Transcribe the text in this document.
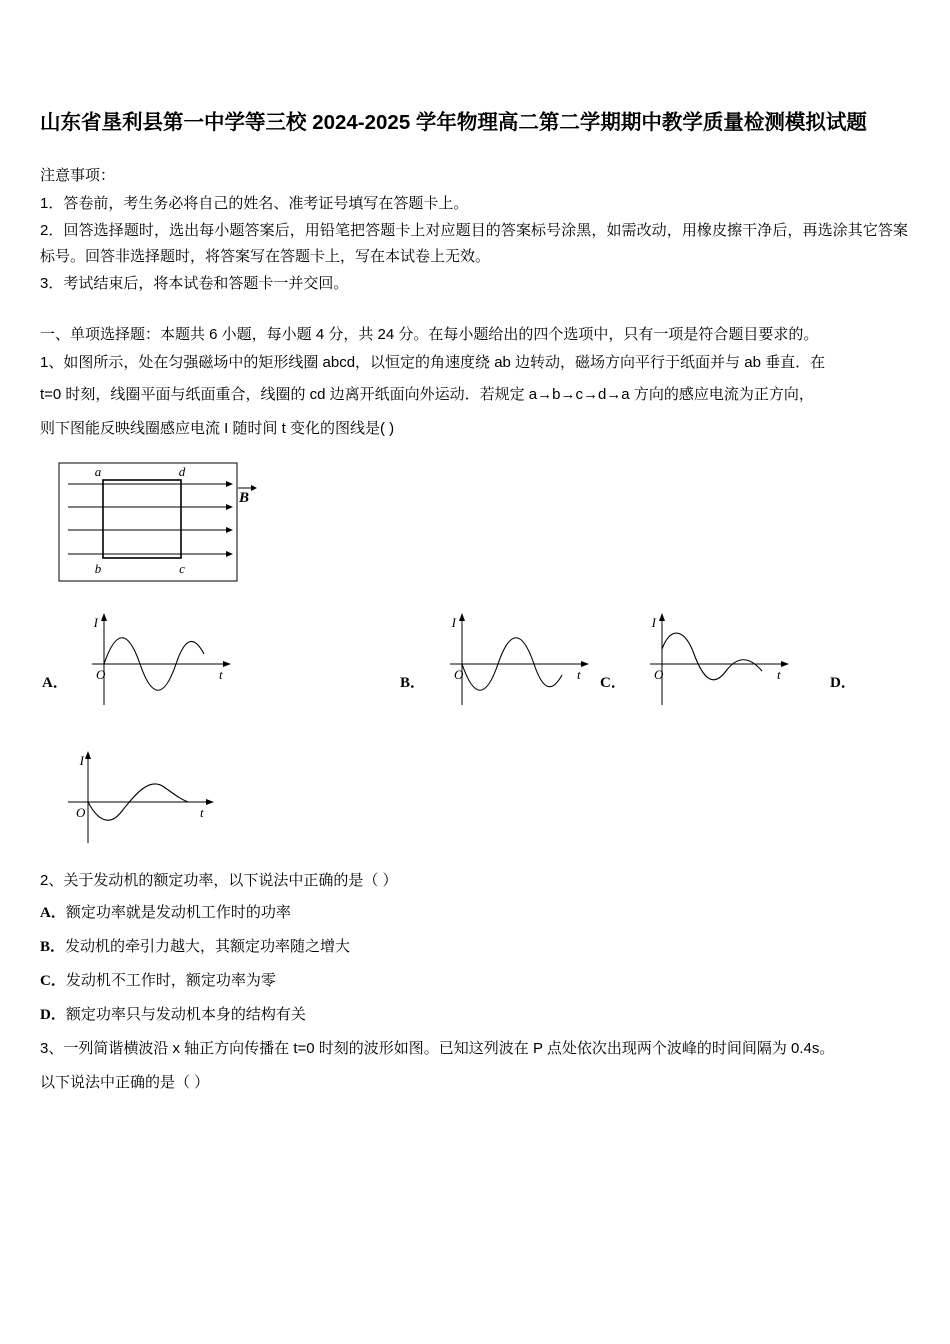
山东省垦利县第一中学等三校 2024-2025 学年物理高二第二学期期中教学质量检测模拟试题
注意事项：
1．答卷前，考生务必将自己的姓名、准考证号填写在答题卡上。
2．回答选择题时，选出每小题答案后，用铅笔把答题卡上对应题目的答案标号涂黑，如需改动，用橡皮擦干净后，再选涂其它答案标号。回答非选择题时，将答案写在答题卡上，写在本试卷上无效。
3．考试结束后，将本试卷和答题卡一并交回。
一、单项选择题：本题共 6 小题，每小题 4 分，共 24 分。在每小题给出的四个选项中，只有一项是符合题目要求的。
1、如图所示，处在匀强磁场中的矩形线圈 abcd，以恒定的角速度绕 ab 边转动，磁场方向平行于纸面并与 ab 垂直．在
t=0 时刻，线圈平面与纸面重合，线圈的 cd 边离开纸面向外运动．若规定 a→b→c→d→a 方向的感应电流为正方向，
则下图能反映线圈感应电流 I 随时间 t 变化的图线是( )
a	d
b	c
B
A．
I
O	t
B．
I
O	t
C．
I
O	t
D．
I
O	t
2、关于发动机的额定功率，以下说法中正确的是（ ）
A．额定功率就是发动机工作时的功率
B．发动机的牵引力越大，其额定功率随之增大
C．发动机不工作时，额定功率为零
D．额定功率只与发动机本身的结构有关
3、一列简谐横波沿 x 轴正方向传播在 t=0 时刻的波形如图。已知这列波在 P 点处依次出现两个波峰的时间间隔为 0.4s。
以下说法中正确的是（ ）
